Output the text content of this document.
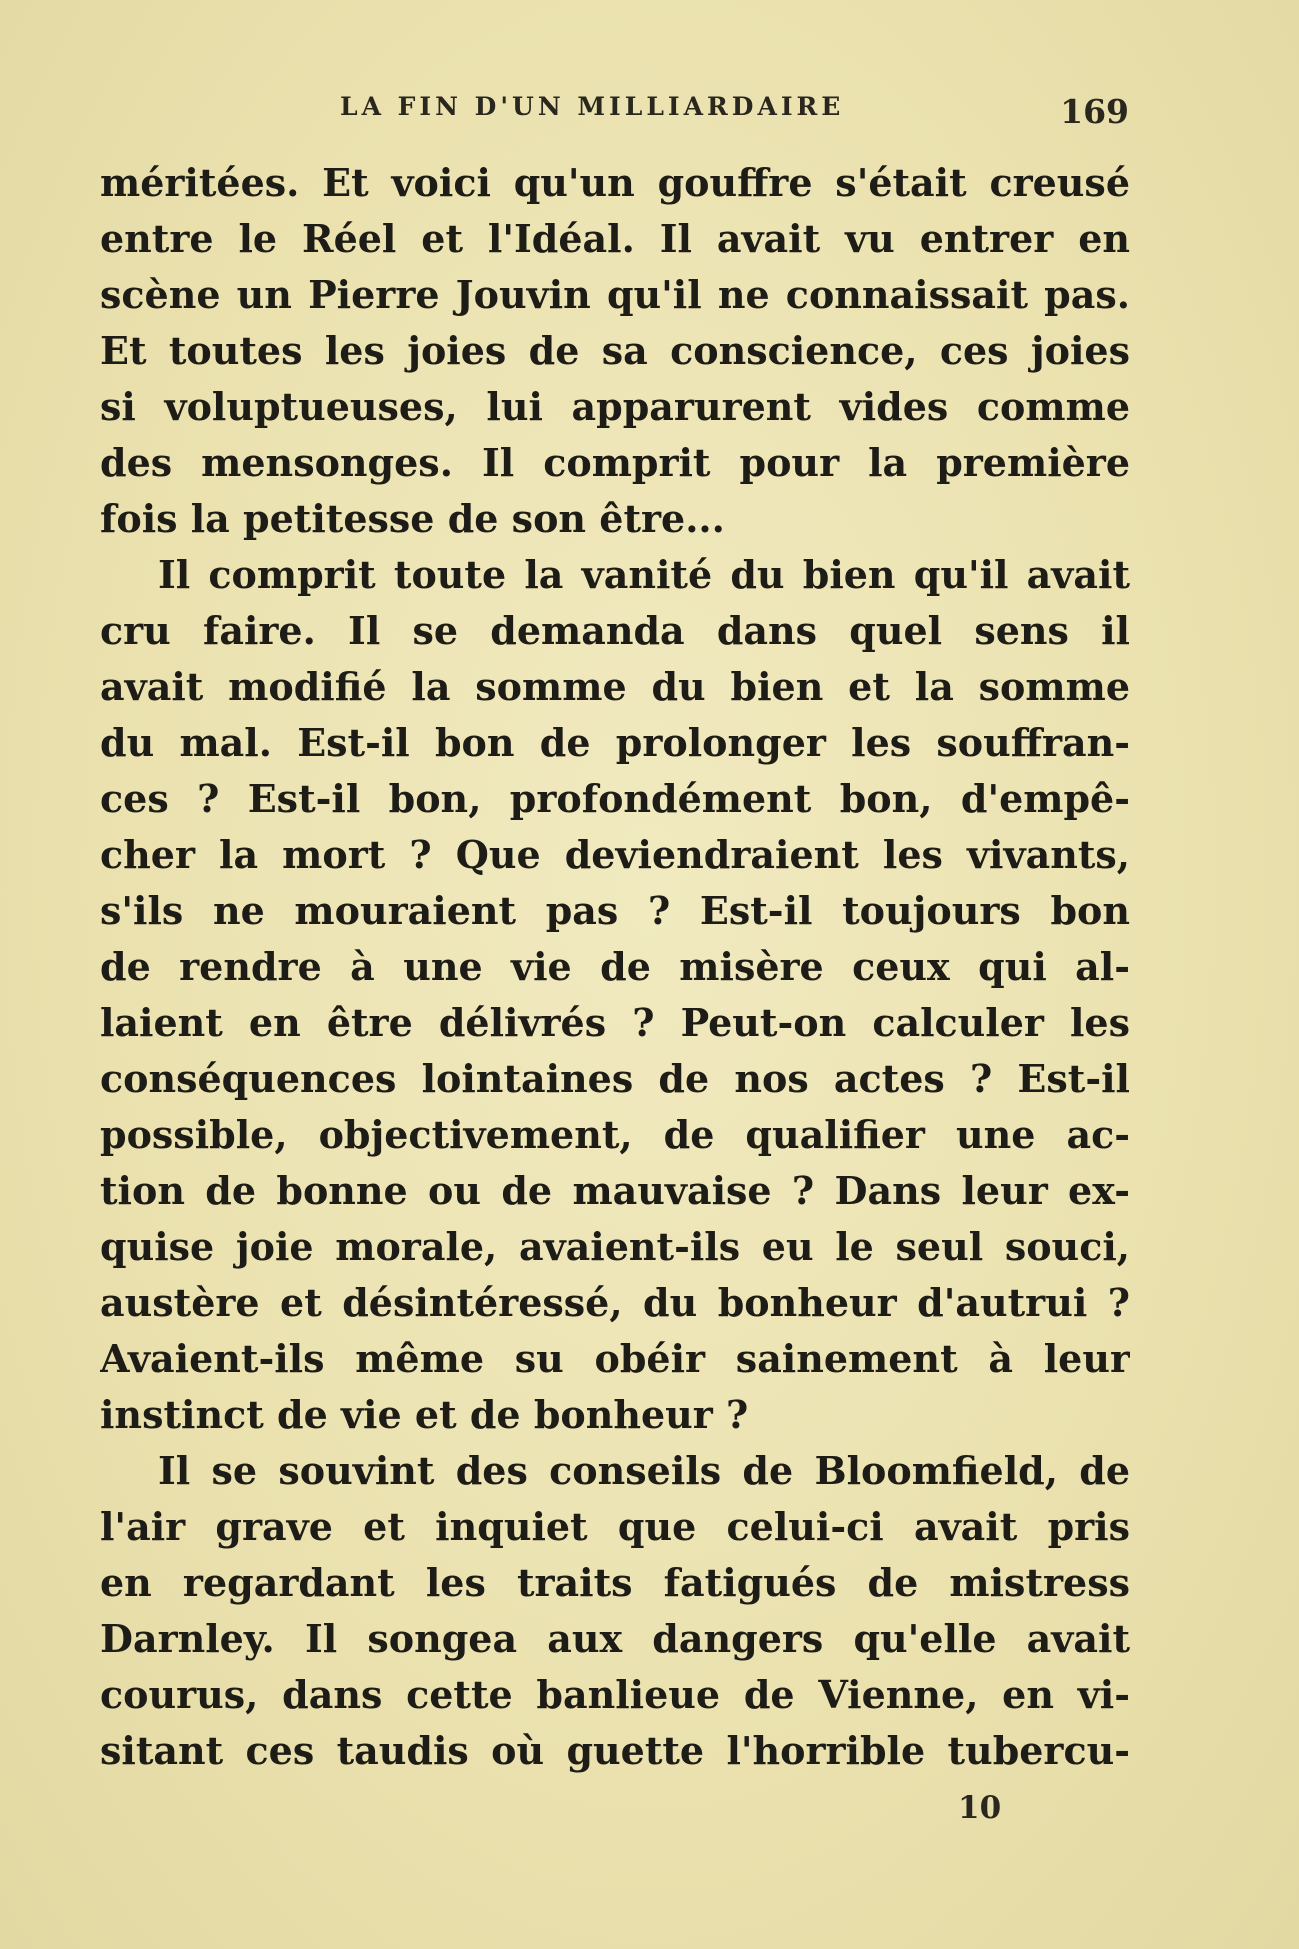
LA FIN D'UN MILLIARDAIRE	169
méritées. Et voici qu'un gouffre s'était creusé
entre le Réel et l'Idéal. Il avait vu entrer en
scène un Pierre Jouvin qu'il ne connaissait pas.
Et toutes les joies de sa conscience, ces joies
si voluptueuses, lui apparurent vides comme
des mensonges. Il comprit pour la première
fois la petitesse de son être...
Il comprit toute la vanité du bien qu'il avait
cru faire. Il se demanda dans quel sens il
avait modifié la somme du bien et la somme
du mal. Est-il bon de prolonger les souffran-
ces ? Est-il bon, profondément bon, d'empê-
cher la mort ? Que deviendraient les vivants,
s'ils ne mouraient pas ? Est-il toujours bon
de rendre à une vie de misère ceux qui al-
laient en être délivrés ? Peut-on calculer les
conséquences lointaines de nos actes ? Est-il
possible, objectivement, de qualifier une ac-
tion de bonne ou de mauvaise ? Dans leur ex-
quise joie morale, avaient-ils eu le seul souci,
austère et désintéressé, du bonheur d'autrui ?
Avaient-ils même su obéir sainement à leur
instinct de vie et de bonheur ?
Il se souvint des conseils de Bloomfield, de
l'air grave et inquiet que celui-ci avait pris
en regardant les traits fatigués de mistress
Darnley. Il songea aux dangers qu'elle avait
courus, dans cette banlieue de Vienne, en vi-
sitant ces taudis où guette l'horrible tubercu-
10
